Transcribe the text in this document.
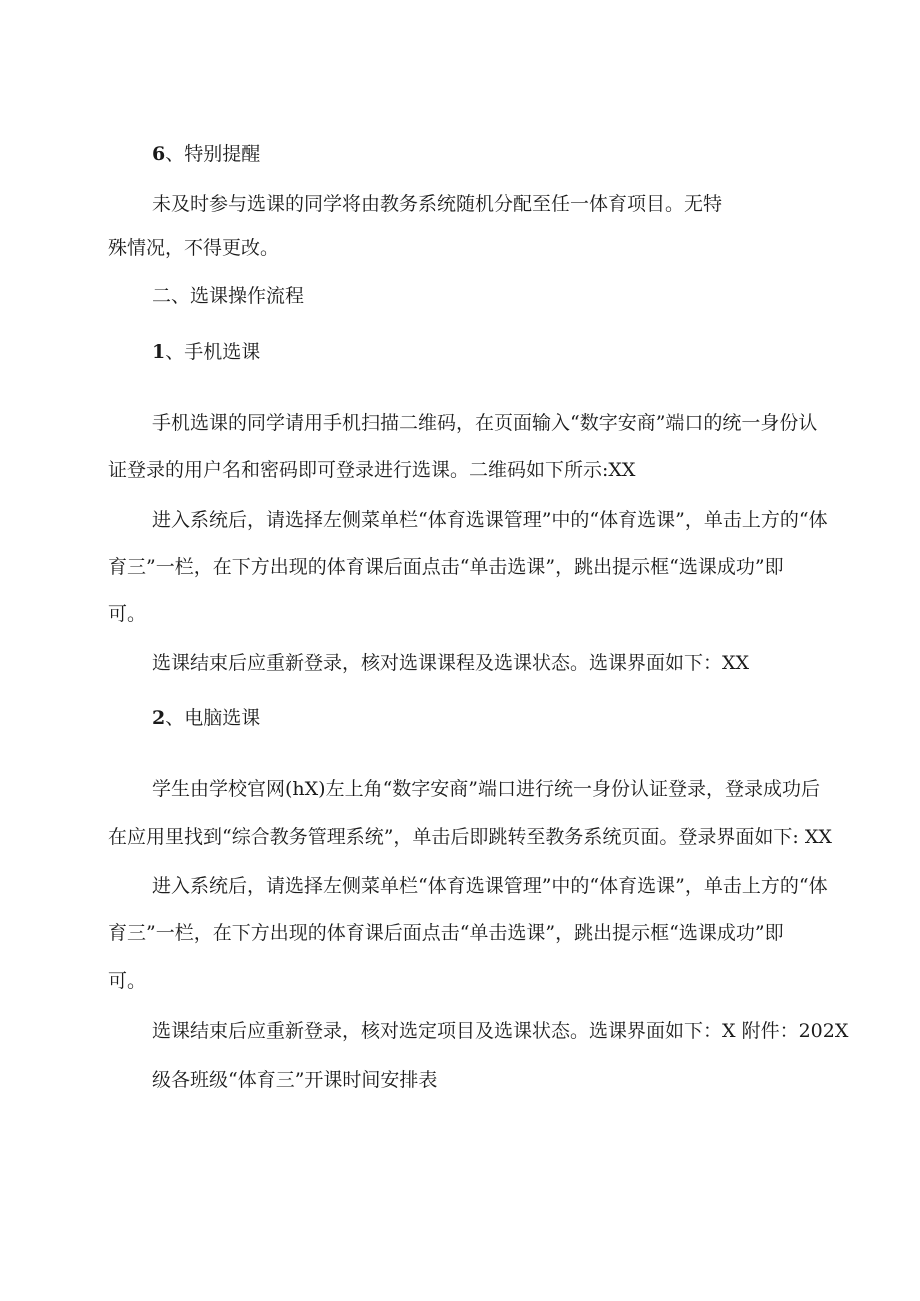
6、特别提醒
未及时参与选课的同学将由教务系统随机分配至任一体育项目。无特
殊情况，不得更改。
二、选课操作流程
1、手机选课
手机选课的同学请用手机扫描二维码，在页面输入“数字安商”端口的统一身份认
证登录的用户名和密码即可登录进行选课。二维码如下所示:XX
进入系统后，请选择左侧菜单栏“体育选课管理”中的“体育选课”，单击上方的“体
育三”一栏，在下方出现的体育课后面点击“单击选课”，跳出提示框“选课成功”即
可。
选课结束后应重新登录，核对选课课程及选课状态。选课界面如下：XX
2、电脑选课
学生由学校官网(hX)左上角“数字安商”端口进行统一身份认证登录，登录成功后
在应用里找到“综合教务管理系统”，单击后即跳转至教务系统页面。登录界面如下: XX
进入系统后，请选择左侧菜单栏“体育选课管理”中的“体育选课”，单击上方的“体
育三”一栏，在下方出现的体育课后面点击“单击选课”，跳出提示框“选课成功”即
可。
选课结束后应重新登录，核对选定项目及选课状态。选课界面如下：X 附件：202X
级各班级“体育三”开课时间安排表
